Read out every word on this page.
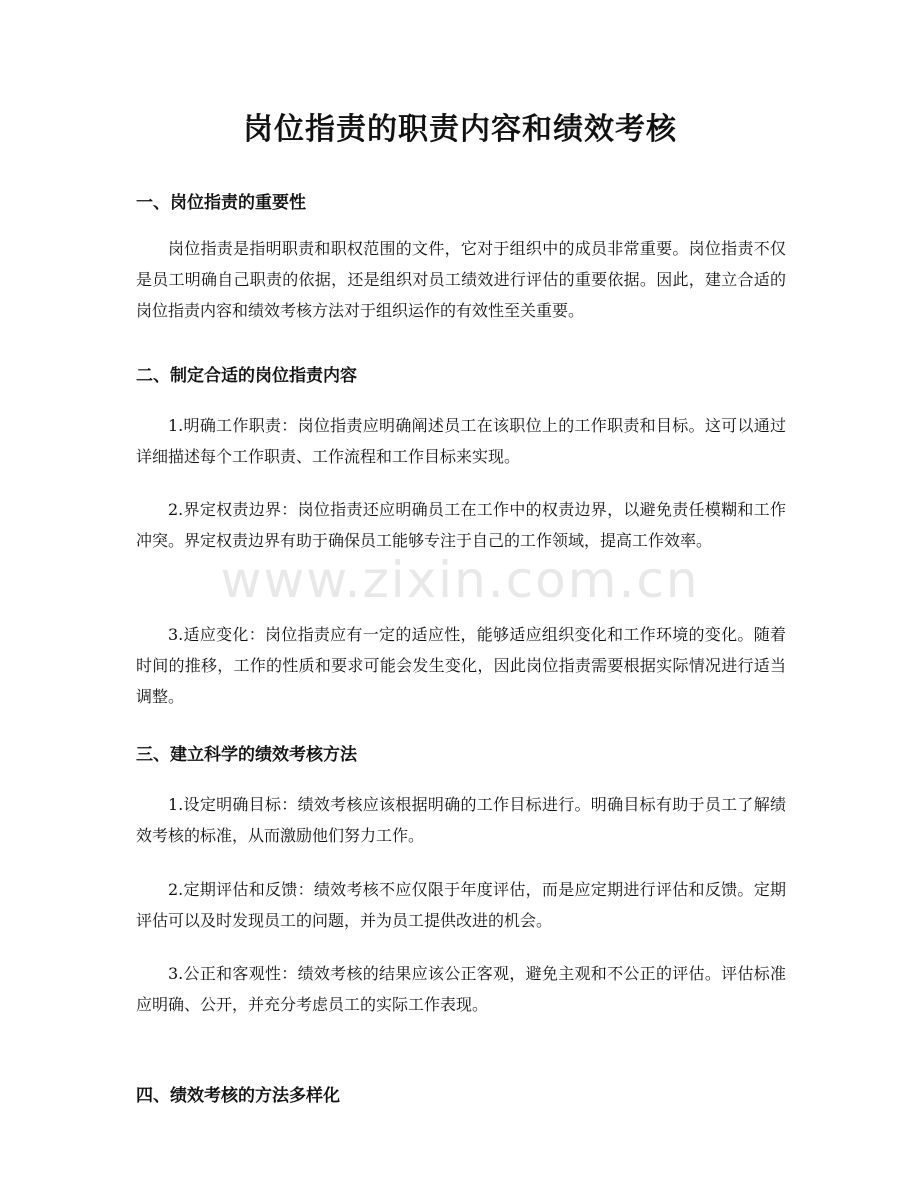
岗位指责的职责内容和绩效考核
一、岗位指责的重要性

岗位指责是指明职责和职权范围的文件，它对于组织中的成员非常重要。岗位指责不仅是员工明确自己职责的依据，还是组织对员工绩效进行评估的重要依据。因此，建立合适的岗位指责内容和绩效考核方法对于组织运作的有效性至关重要。

二、制定合适的岗位指责内容

1.明确工作职责：岗位指责应明确阐述员工在该职位上的工作职责和目标。这可以通过详细描述每个工作职责、工作流程和工作目标来实现。

2.界定权责边界：岗位指责还应明确员工在工作中的权责边界，以避免责任模糊和工作冲突。界定权责边界有助于确保员工能够专注于自己的工作领域，提高工作效率。

3.适应变化：岗位指责应有一定的适应性，能够适应组织变化和工作环境的变化。随着时间的推移，工作的性质和要求可能会发生变化，因此岗位指责需要根据实际情况进行适当调整。

三、建立科学的绩效考核方法

1.设定明确目标：绩效考核应该根据明确的工作目标进行。明确目标有助于员工了解绩效考核的标准，从而激励他们努力工作。

2.定期评估和反馈：绩效考核不应仅限于年度评估，而是应定期进行评估和反馈。定期评估可以及时发现员工的问题，并为员工提供改进的机会。

3.公正和客观性：绩效考核的结果应该公正客观，避免主观和不公正的评估。评估标准应明确、公开，并充分考虑员工的实际工作表现。

四、绩效考核的方法多样化
www.zixin.com.cn
